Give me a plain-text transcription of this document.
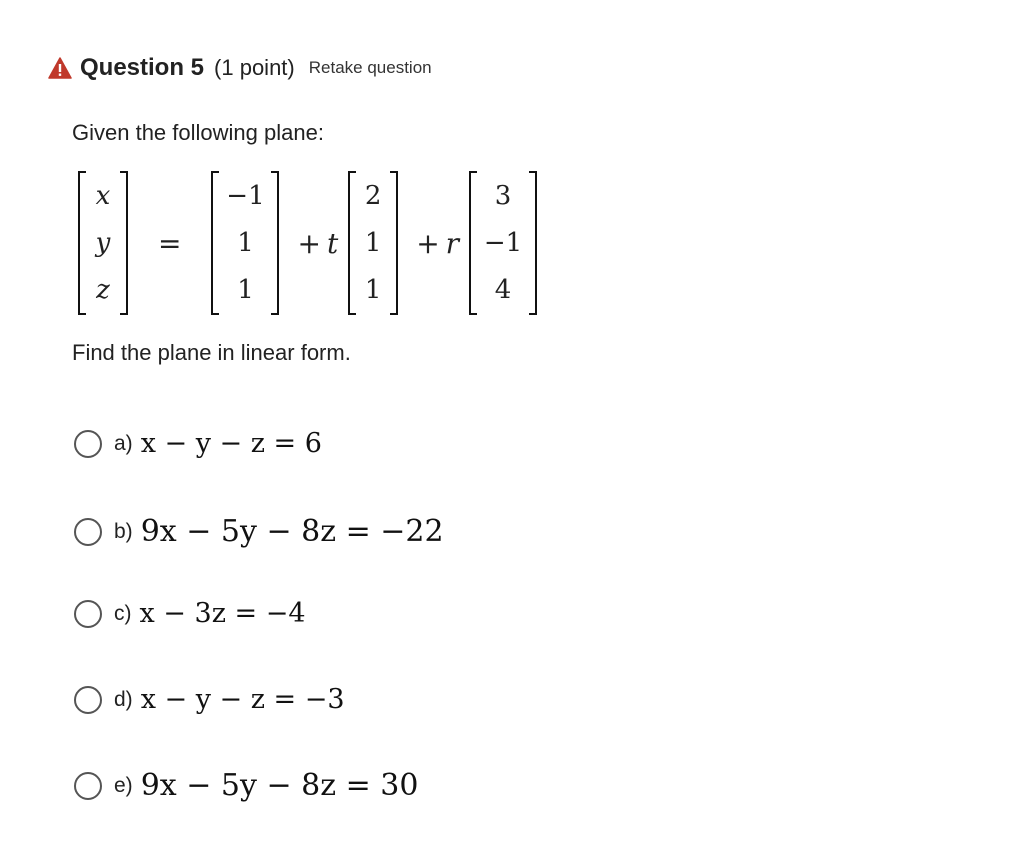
Question 5 (1 point) Retake question
Given the following plane:
x
y
z
=
−1
1
1
+ t
2
1
1
+ r
3
−1
4
Find the plane in linear form.
a) x − y − z = 6
b) 9x − 5y − 8z = −22
c) x − 3z = −4
d) x − y − z = −3
e) 9x − 5y − 8z = 30
